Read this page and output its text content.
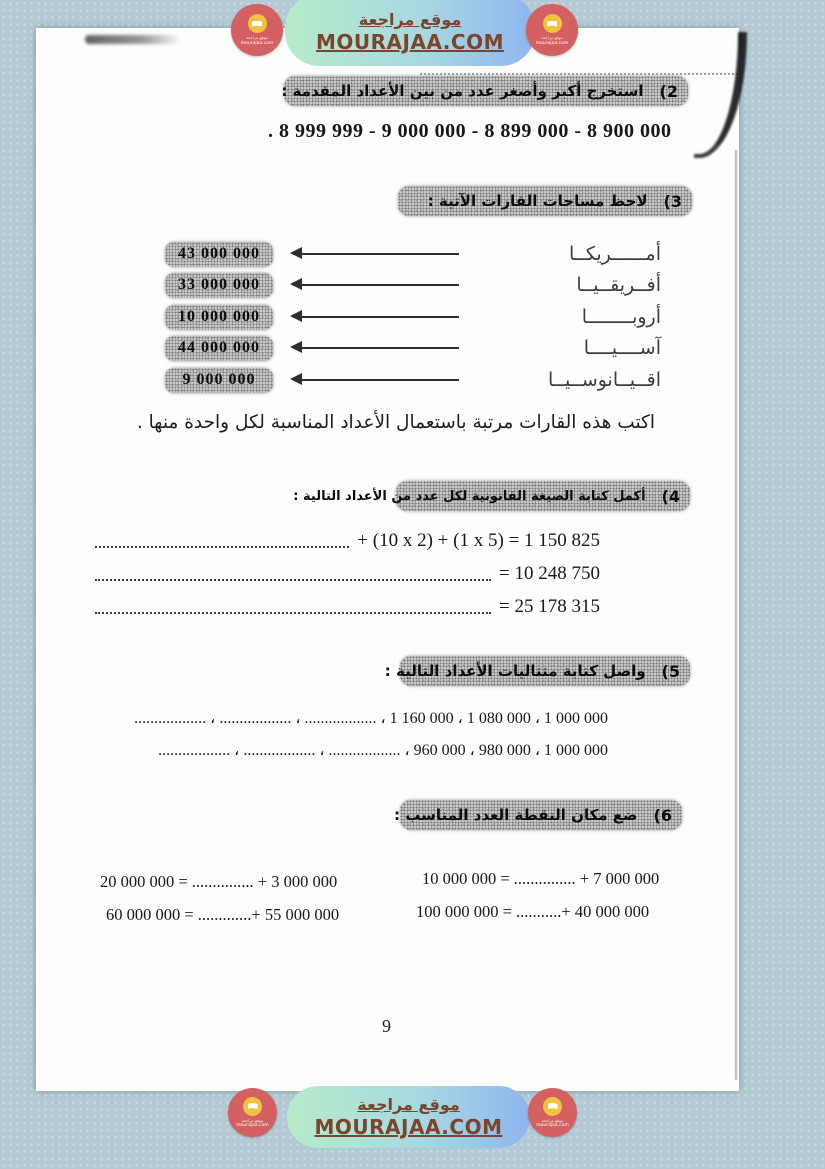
موقع مراجعة
MOURAJAA.COM
موقع مراجعة
mourajaa.com
موقع مراجعة
mourajaa.com
2)
استخرج أكبر وأصغر عدد من بين الأعداد المقدمة :
. 8 999 999 - 9 000 000 - 8 899 000 - 8 900 000
3)
لاحظ مساحات القارات الآتية :
43 000 000	أمــــــريكــا
33 000 000	أفــريقــيــا
10 000 000	أروبــــــــا
44 000 000	آســــيــــا
9 000 000	اقــيــانوســيــا
اكتب هذه القارات مرتبة باستعمال الأعداد المناسبة لكل واحدة منها .
4)
أكمل كتابة الصيغة القانونية لكل عدد من الأعداد التالية :
+ (10 x 2) + (1 x 5) = 1 150 825
= 10 248 750
= 25 178 315
5)
واصل كتابة متتاليات الأعداد التالية :
.................. ، .................. ، .................. ، 1 160 000 ، 1 080 000 ، 1 000 000
.................. ، .................. ، .................. ، 960 000 ، 980 000 ، 1 000 000
6)
ضع مكان النقطة العدد المناسب :
10 000 000 = ............... + 7 000 000
20 000 000 = ............... + 3 000 000
100 000 000 = ...........+ 40 000 000
60 000 000 = .............+ 55 000 000
9
موقع مراجعة
MOURAJAA.COM
موقع مراجعة
mourajaa.com
موقع مراجعة
mourajaa.com
